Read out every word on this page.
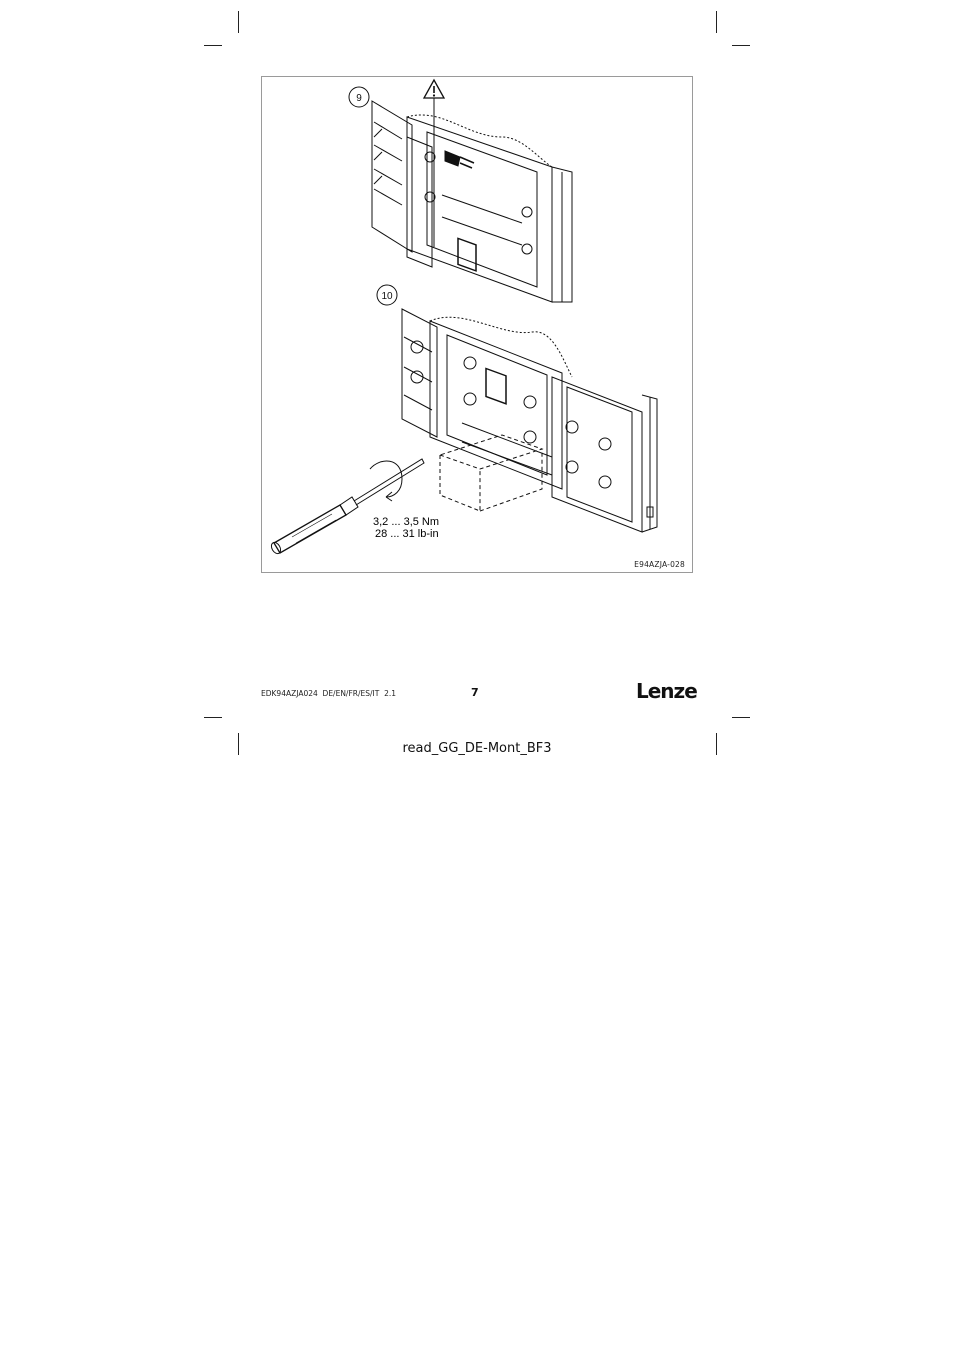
9
10
3,2 ... 3,5 Nm
28 ... 31 lb-in
E94AZJA-028
EDK94AZJA024  DE/EN/FR/ES/IT  2.1	7	Lenze
read_GG_DE-Mont_BF3
